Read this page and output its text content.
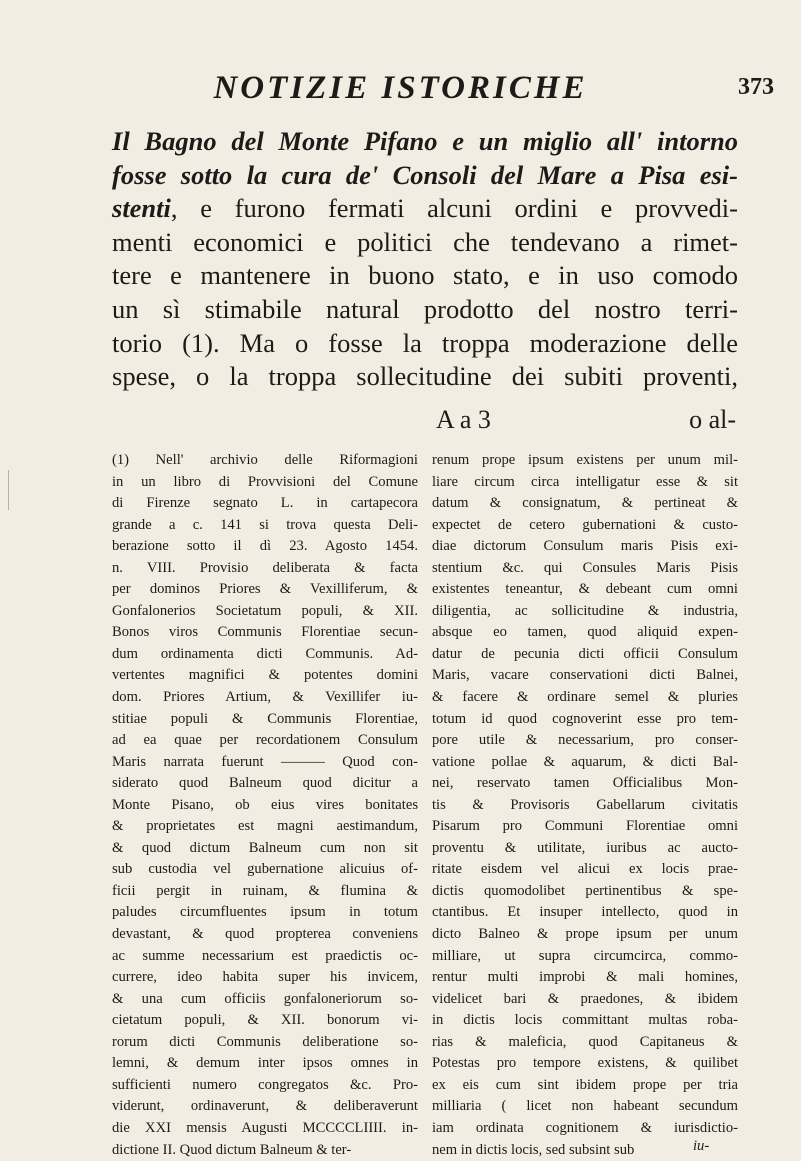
NOTIZIE ISTORICHE	373
Il Bagno del Monte Pifano e un miglio all' intorno
fosse sotto la cura de' Consoli del Mare a Pisa esi-
stenti, e furono fermati alcuni ordini e provvedi-
menti economici e politici che tendevano a rimet-
tere e mantenere in buono stato, e in uso comodo
un sì stimabile natural prodotto del nostro terri-
torio (1). Ma o fosse la troppa moderazione delle
spese, o la troppa sollecitudine dei subiti proventi,
A a 3	o al-
(1) Nell' archivio delle Riformagioni
in un libro di Provvisioni del Comune
di Firenze segnato L. in cartapecora
grande a c. 141 si trova questa Deli-
berazione sotto il dì 23. Agosto 1454.
n. VIII. Provisio deliberata & facta
per dominos Priores & Vexilliferum, &
Gonfalonerios Societatum populi, & XII.
Bonos viros Communis Florentiae secun-
dum ordinamenta dicti Communis. Ad-
vertentes magnifici & potentes domini
dom. Priores Artium, & Vexillifer iu-
stitiae populi & Communis Florentiae,
ad ea quae per recordationem Consulum
Maris narrata fuerunt ——— Quod con-
siderato quod Balneum quod dicitur a
Monte Pisano, ob eius vires bonitates
& proprietates est magni aestimandum,
& quod dictum Balneum cum non sit
sub custodia vel gubernatione alicuius of-
ficii pergit in ruinam, & flumina &
paludes circumfluentes ipsum in totum
devastant, & quod propterea conveniens
ac summe necessarium est praedictis oc-
currere, ideo habita super his invicem,
& una cum officiis gonfaloneriorum so-
cietatum populi, & XII. bonorum vi-
rorum dicti Communis deliberatione so-
lemni, & demum inter ipsos omnes in
sufficienti numero congregatos &c. Pro-
viderunt, ordinaverunt, & deliberaverunt
die XXI mensis Augusti MCCCCLIIII. in-
dictione II. Quod dictum Balneum & ter-
renum prope ipsum existens per unum mil-
liare circum circa intelligatur esse & sit
datum & consignatum, & pertineat &
expectet de cetero gubernationi & custo-
diae dictorum Consulum maris Pisis exi-
stentium &c. qui Consules Maris Pisis
existentes teneantur, & debeant cum omni
diligentia, ac sollicitudine & industria,
absque eo tamen, quod aliquid expen-
datur de pecunia dicti officii Consulum
Maris, vacare conservationi dicti Balnei,
& facere & ordinare semel & pluries
totum id quod cognoverint esse pro tem-
pore utile & necessarium, pro conser-
vatione pollae & aquarum, & dicti Bal-
nei, reservato tamen Officialibus Mon-
tis & Provisoris Gabellarum civitatis
Pisarum pro Communi Florentiae omni
proventu & utilitate, iuribus ac aucto-
ritate eisdem vel alicui ex locis prae-
dictis quomodolibet pertinentibus & spe-
ctantibus. Et insuper intellecto, quod in
dicto Balneo & prope ipsum per unum
milliare, ut supra circumcirca, commo-
rentur multi improbi & mali homines,
videlicet bari & praedones, & ibidem
in dictis locis committant multas roba-
rias & maleficia, quod Capitaneus &
Potestas pro tempore existens, & quilibet
ex eis cum sint ibidem prope per tria
milliaria ( licet non habeant secundum
iam ordinata cognitionem & iurisdictio-
nem in dictis locis, sed subsint sub	iu-
